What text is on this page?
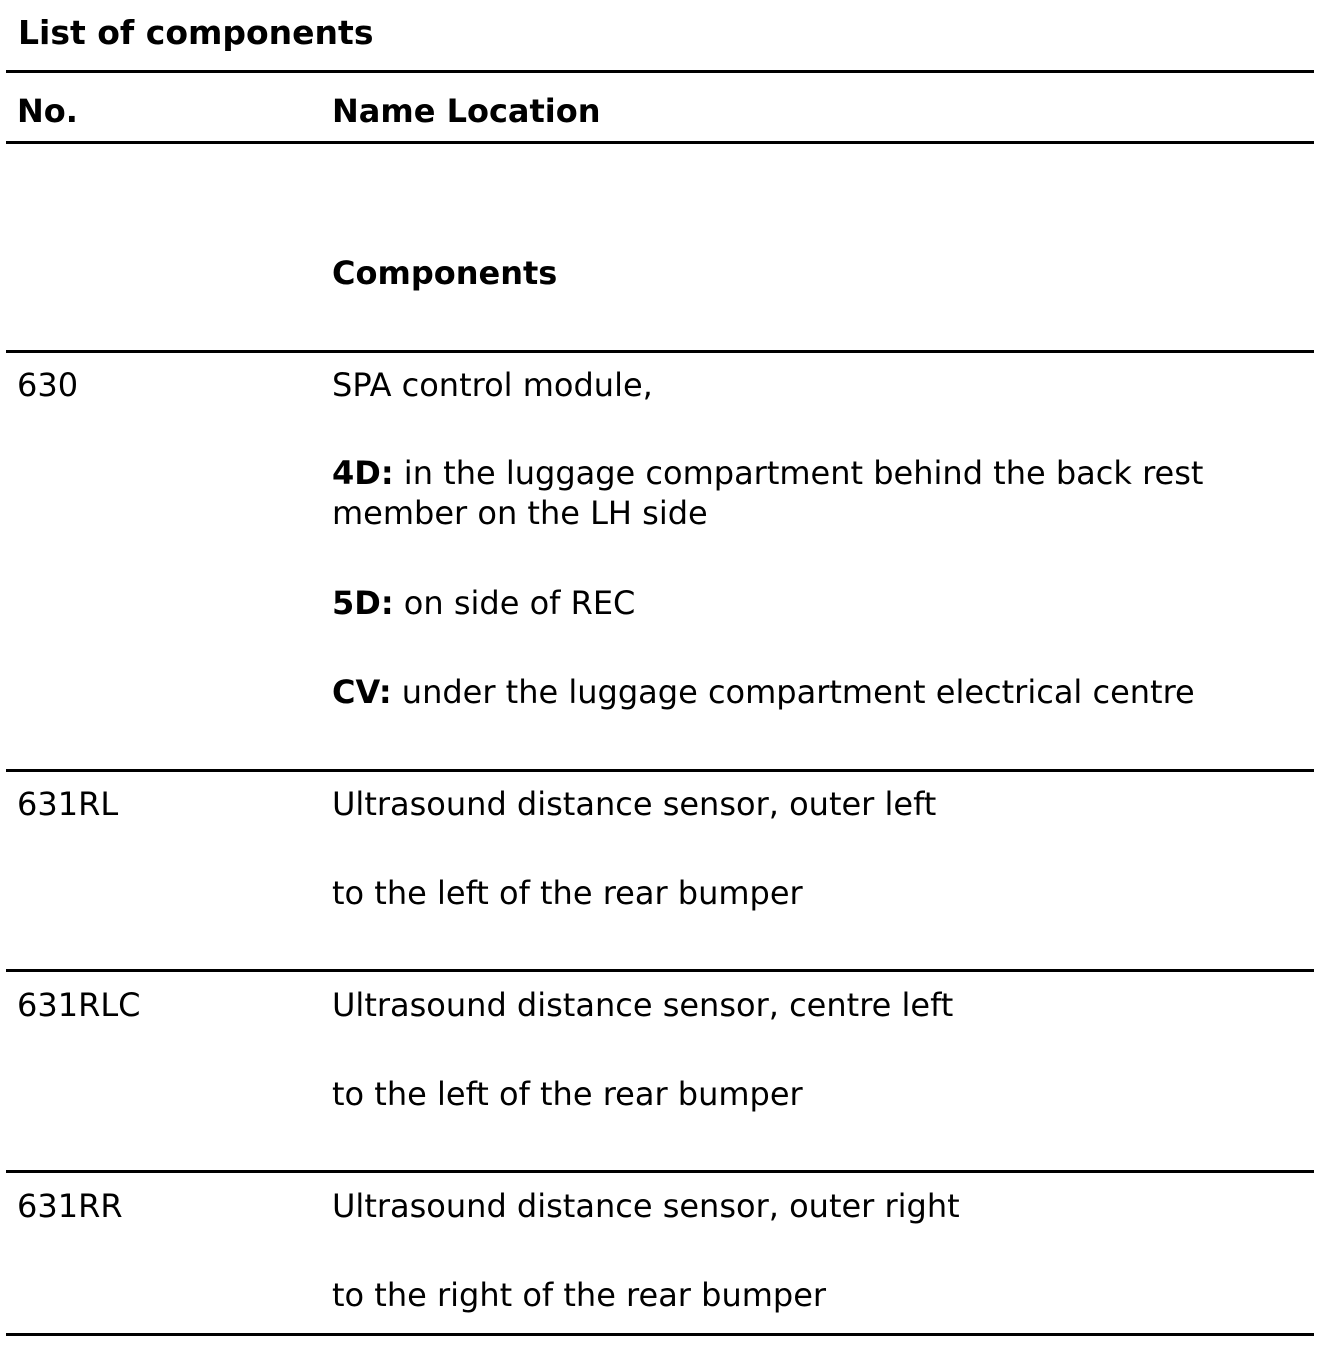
List of components
No.	Name Location
Components
630	SPA control module,
4D: in the luggage compartment behind the back rest member on the LH side
5D: on side of REC
CV: under the luggage compartment electrical centre
631RL	Ultrasound distance sensor, outer left
to the left of the rear bumper
631RLC	Ultrasound distance sensor, centre left
to the left of the rear bumper
631RR	Ultrasound distance sensor, outer right
to the right of the rear bumper
